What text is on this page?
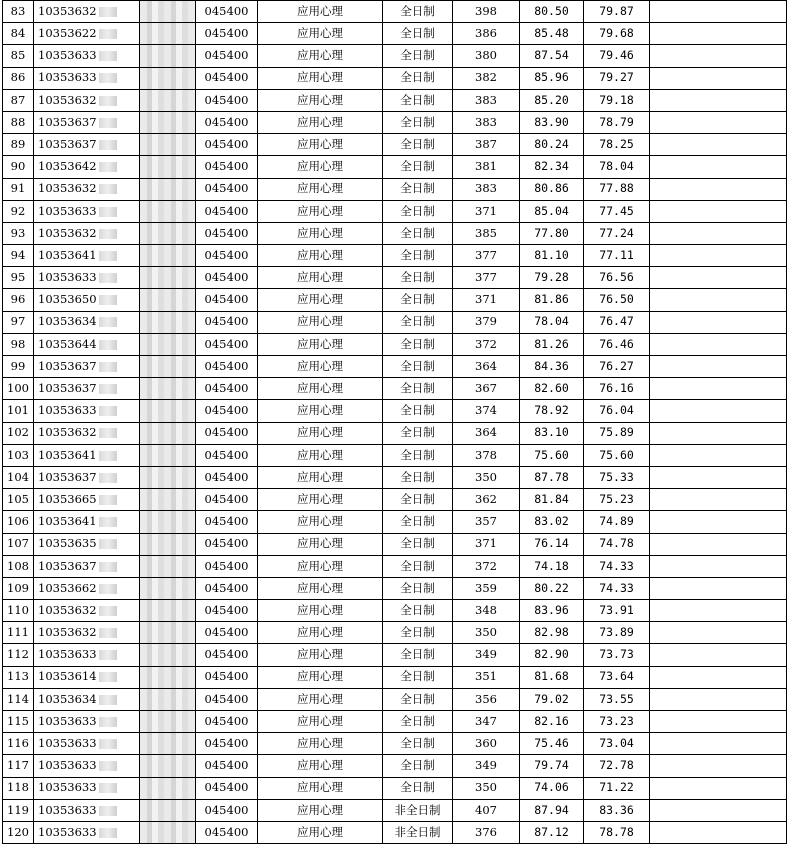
83	10353632		045400	应用心理	全日制	398	80.50	79.87	
84	10353622		045400	应用心理	全日制	386	85.48	79.68	
85	10353633		045400	应用心理	全日制	380	87.54	79.46	
86	10353633		045400	应用心理	全日制	382	85.96	79.27	
87	10353632		045400	应用心理	全日制	383	85.20	79.18	
88	10353637		045400	应用心理	全日制	383	83.90	78.79	
89	10353637		045400	应用心理	全日制	387	80.24	78.25	
90	10353642		045400	应用心理	全日制	381	82.34	78.04	
91	10353632		045400	应用心理	全日制	383	80.86	77.88	
92	10353633		045400	应用心理	全日制	371	85.04	77.45	
93	10353632		045400	应用心理	全日制	385	77.80	77.24	
94	10353641		045400	应用心理	全日制	377	81.10	77.11	
95	10353633		045400	应用心理	全日制	377	79.28	76.56	
96	10353650		045400	应用心理	全日制	371	81.86	76.50	
97	10353634		045400	应用心理	全日制	379	78.04	76.47	
98	10353644		045400	应用心理	全日制	372	81.26	76.46	
99	10353637		045400	应用心理	全日制	364	84.36	76.27	
100	10353637		045400	应用心理	全日制	367	82.60	76.16	
101	10353633		045400	应用心理	全日制	374	78.92	76.04	
102	10353632		045400	应用心理	全日制	364	83.10	75.89	
103	10353641		045400	应用心理	全日制	378	75.60	75.60	
104	10353637		045400	应用心理	全日制	350	87.78	75.33	
105	10353665		045400	应用心理	全日制	362	81.84	75.23	
106	10353641		045400	应用心理	全日制	357	83.02	74.89	
107	10353635		045400	应用心理	全日制	371	76.14	74.78	
108	10353637		045400	应用心理	全日制	372	74.18	74.33	
109	10353662		045400	应用心理	全日制	359	80.22	74.33	
110	10353632		045400	应用心理	全日制	348	83.96	73.91	
111	10353632		045400	应用心理	全日制	350	82.98	73.89	
112	10353633		045400	应用心理	全日制	349	82.90	73.73	
113	10353614		045400	应用心理	全日制	351	81.68	73.64	
114	10353634		045400	应用心理	全日制	356	79.02	73.55	
115	10353633		045400	应用心理	全日制	347	82.16	73.23	
116	10353633		045400	应用心理	全日制	360	75.46	73.04	
117	10353633		045400	应用心理	全日制	349	79.74	72.78	
118	10353633		045400	应用心理	全日制	350	74.06	71.22	
119	10353633		045400	应用心理	非全日制	407	87.94	83.36	
120	10353633		045400	应用心理	非全日制	376	87.12	78.78	
